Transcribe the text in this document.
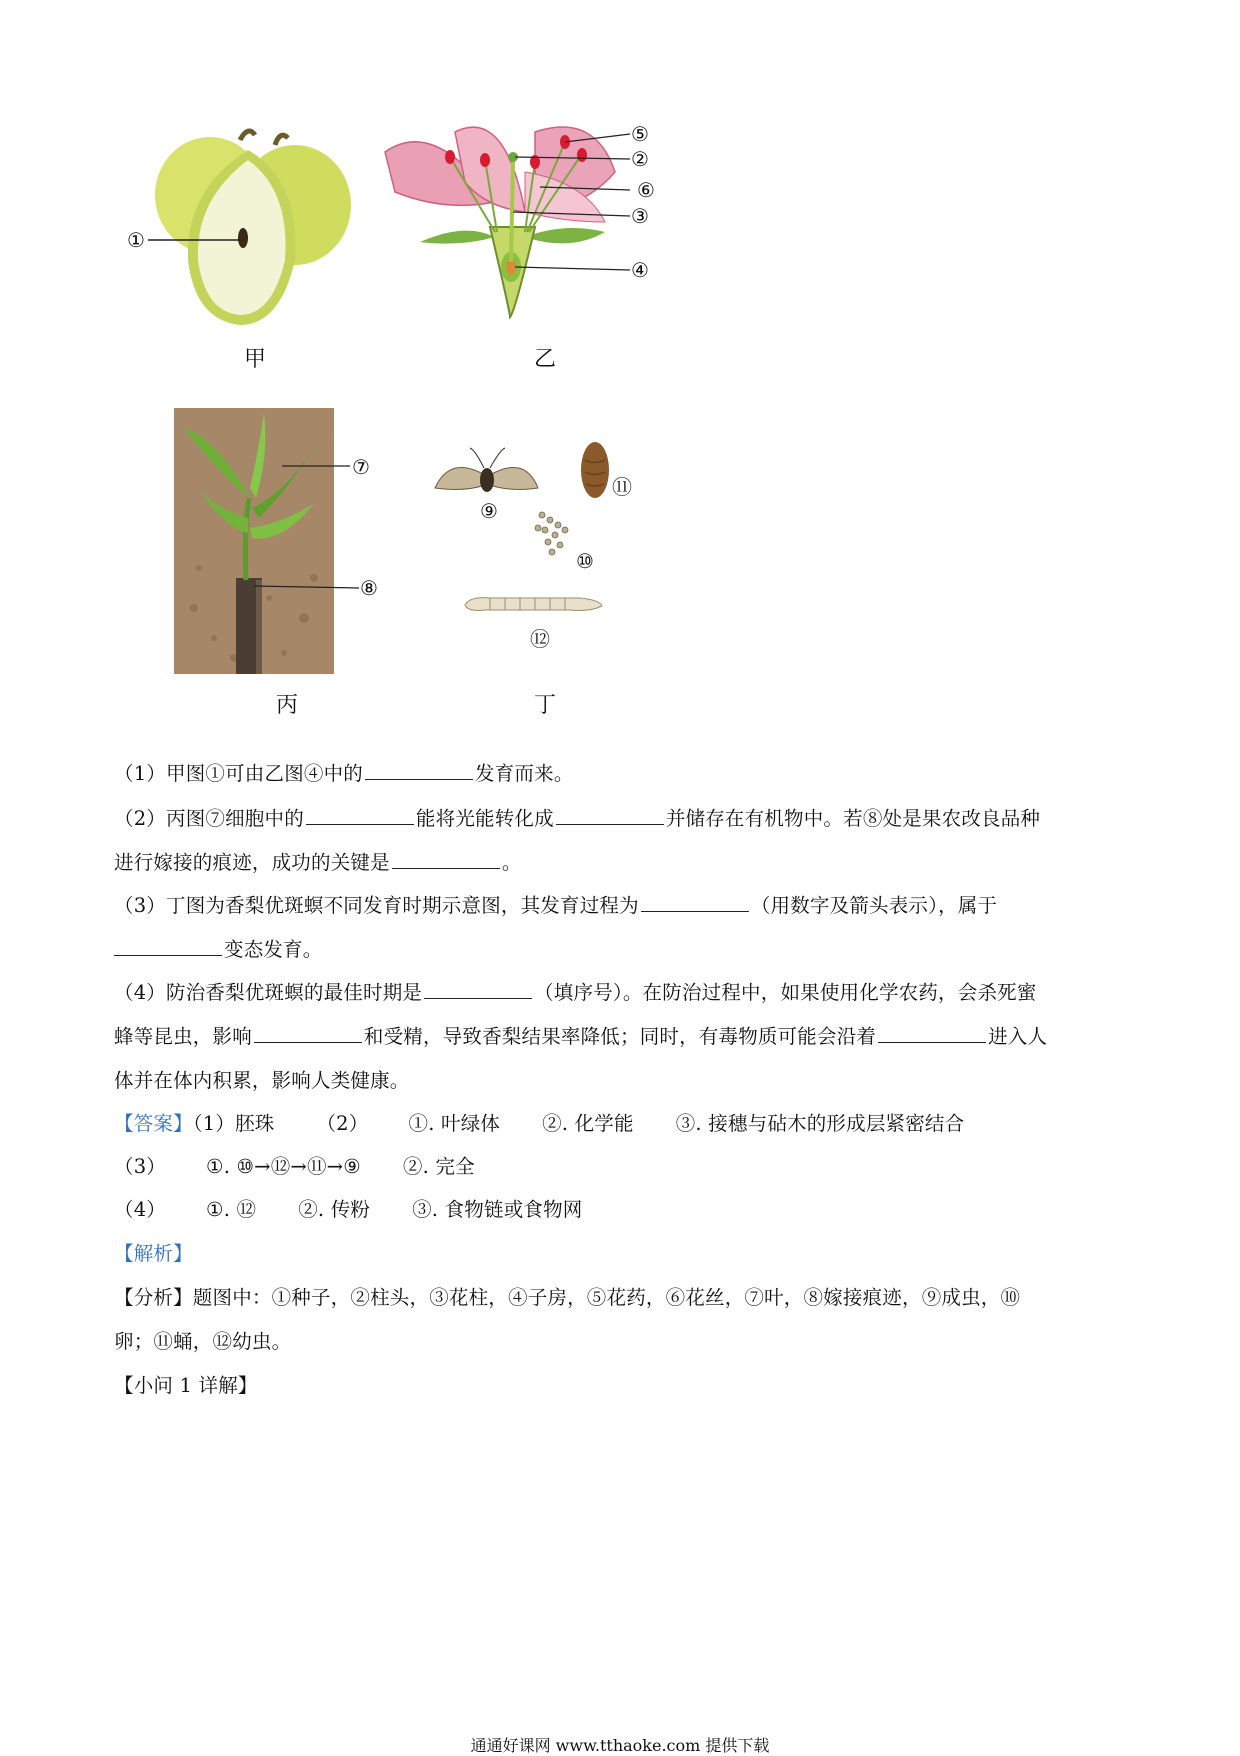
①
甲
⑤
②
⑥
③
④
乙
⑦
⑧
丙
⑨
⑪
⑩
⑫
丁
（1）甲图①可由乙图④中的	发育而来。
（2）丙图⑦细胞中的	能将光能转化成	并储存在有机物中。若⑧处是果农改良品种
进行嫁接的痕迹，成功的关键是	。
（3）丁图为香梨优斑螟不同发育时期示意图，其发育过程为	（用数字及箭头表示），属于
变态发育。
（4）防治香梨优斑螟的最佳时期是	（填序号）。在防治过程中，如果使用化学农药，会杀死蜜
蜂等昆虫，影响	和受精，导致香梨结果率降低；同时，有毒物质可能会沿着	进入人
体并在体内积累，影响人类健康。
【答案】（1）胚珠 （2） ①. 叶绿体 ②. 化学能 ③. 接穗与砧木的形成层紧密结合
（3） ①. ⑩→⑫→⑪→⑨ ②. 完全
（4） ①. ⑫ ②. 传粉 ③. 食物链或食物网
【解析】
【分析】题图中：①种子，②柱头，③花柱，④子房，⑤花药，⑥花丝，⑦叶，⑧嫁接痕迹，⑨成虫，⑩
卵；⑪蛹，⑫幼虫。
【小问 1 详解】
通通好课网 www.tthaoke.com 提供下载
